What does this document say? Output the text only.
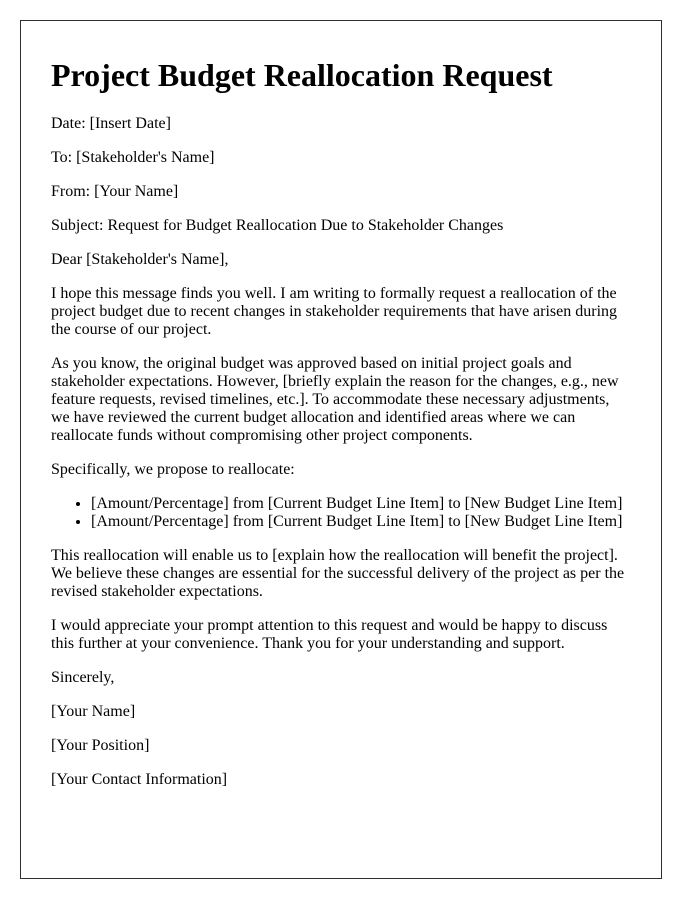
Project Budget Reallocation Request

Date: [Insert Date]

To: [Stakeholder's Name]

From: [Your Name]

Subject: Request for Budget Reallocation Due to Stakeholder Changes

Dear [Stakeholder's Name],

I hope this message finds you well. I am writing to formally request a reallocation of the project budget due to recent changes in stakeholder requirements that have arisen during the course of our project.

As you know, the original budget was approved based on initial project goals and stakeholder expectations. However, [briefly explain the reason for the changes, e.g., new feature requests, revised timelines, etc.]. To accommodate these necessary adjustments, we have reviewed the current budget allocation and identified areas where we can reallocate funds without compromising other project components.

Specifically, we propose to reallocate:

• [Amount/Percentage] from [Current Budget Line Item] to [New Budget Line Item]
• [Amount/Percentage] from [Current Budget Line Item] to [New Budget Line Item]

This reallocation will enable us to [explain how the reallocation will benefit the project]. We believe these changes are essential for the successful delivery of the project as per the revised stakeholder expectations.

I would appreciate your prompt attention to this request and would be happy to discuss this further at your convenience. Thank you for your understanding and support.

Sincerely,

[Your Name]

[Your Position]

[Your Contact Information]
